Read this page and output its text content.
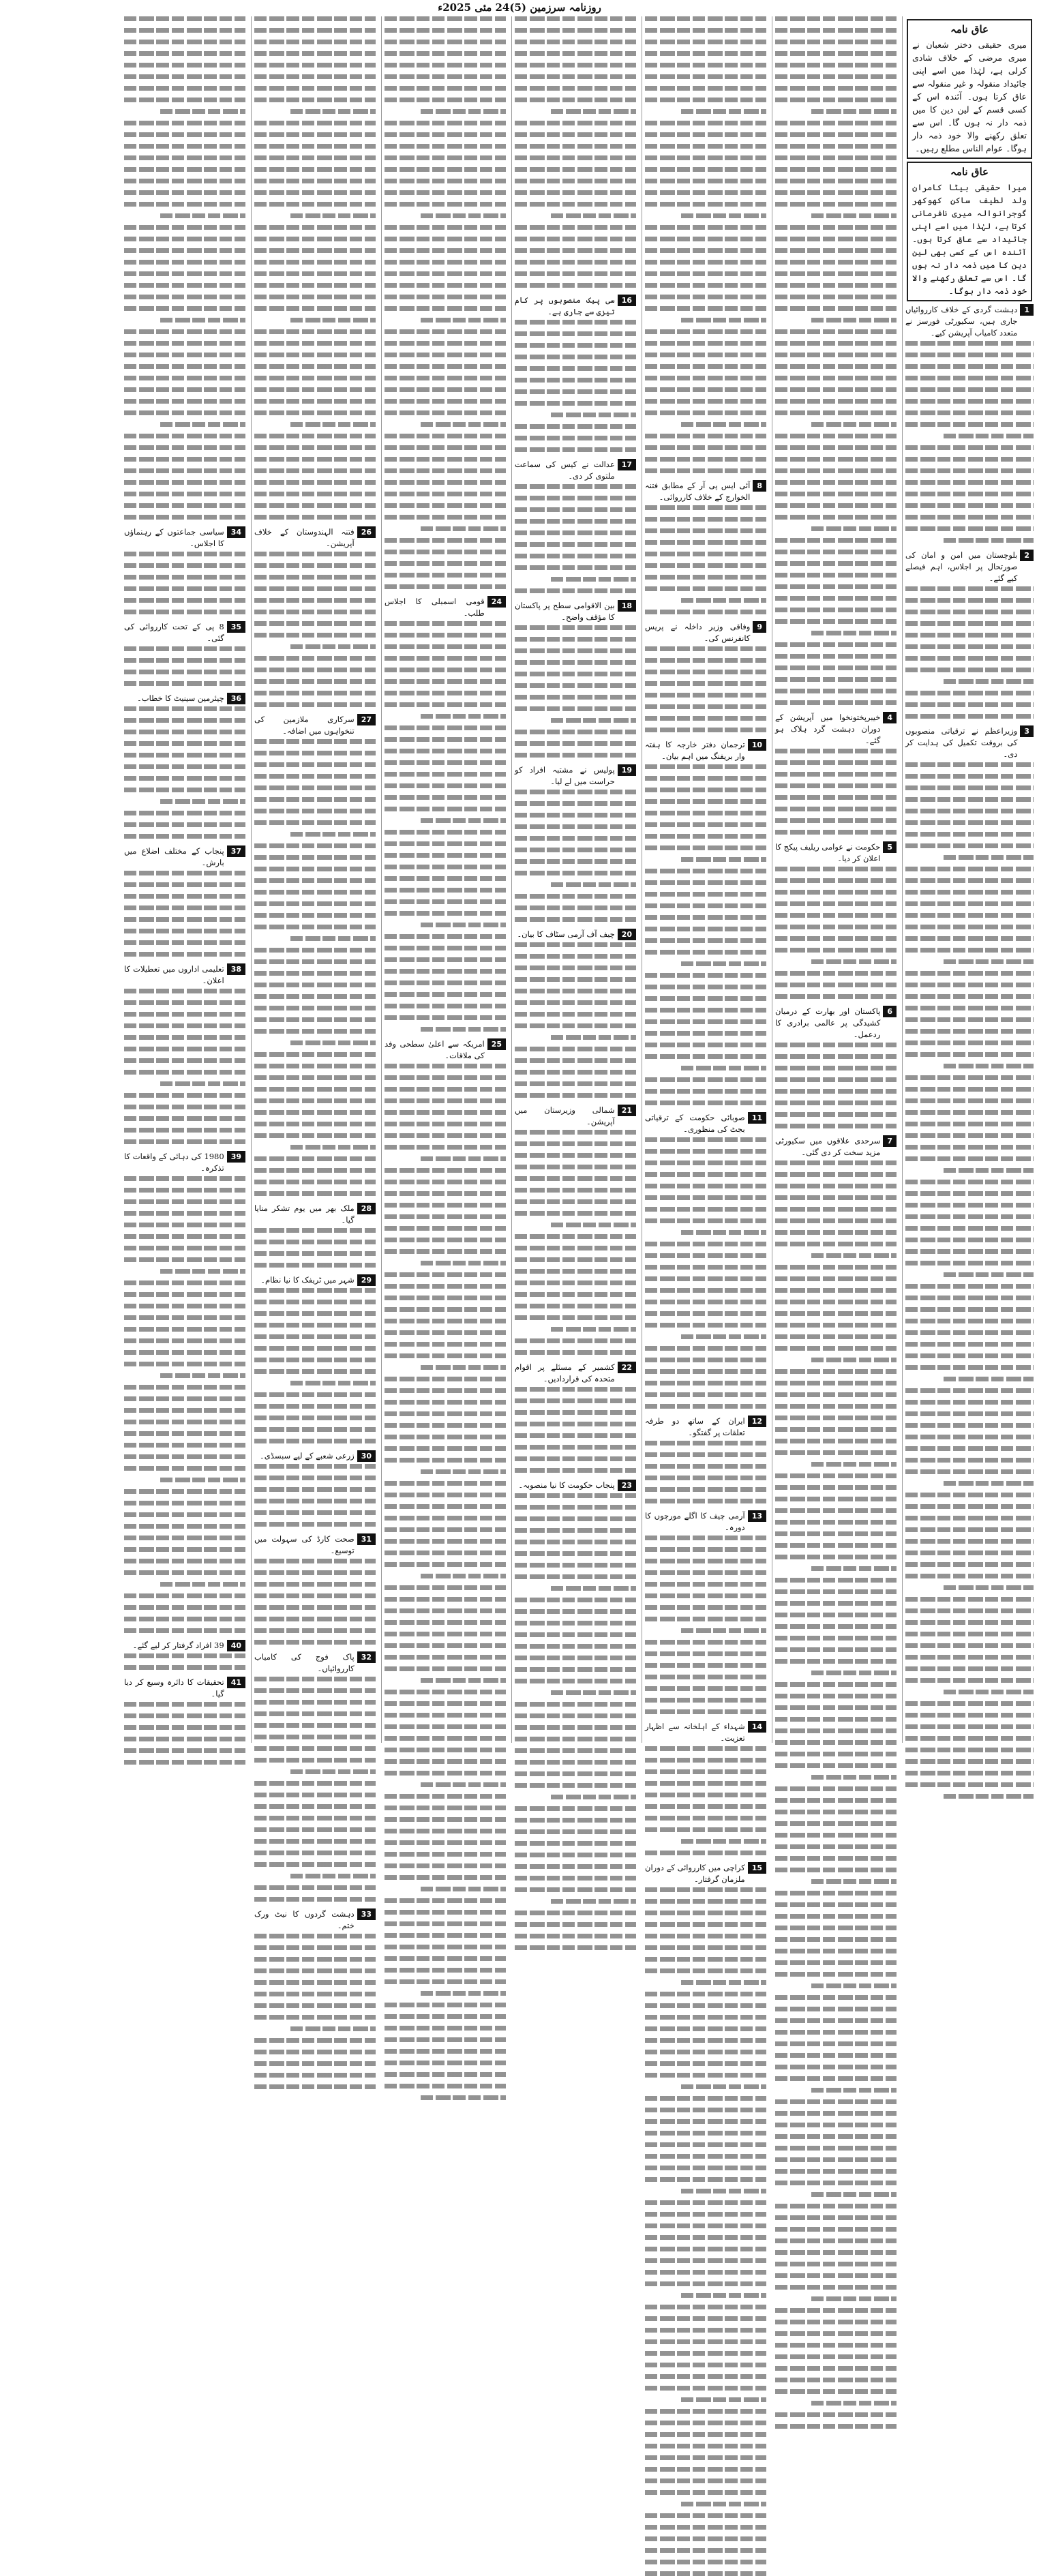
روزنامہ سرزمین (5)24 مئی 2025ء
عاق نامہ
میری حقیقی دختر شعبان نے میری مرضی کے خلاف شادی کرلی ہے، لہٰذا میں اسے اپنی جائیداد منقولہ و غیر منقولہ سے عاق کرتا ہوں۔ آئندہ اس کے کسی قسم کے لین دین کا میں ذمہ دار نہ ہوں گا۔ اس سے تعلق رکھنے والا خود ذمہ دار ہوگا۔ عوام الناس مطلع رہیں۔
عاق نامہ
میرا حقیقی بیٹا کامران ولد لطیف ساکن کھوکھر گوجرانوالہ میری نافرمانی کرتا ہے، لہٰذا میں اسے اپنی جائیداد سے عاق کرتا ہوں۔ آئندہ اس کے کسی بھی لین دین کا میں ذمہ دار نہ ہوں گا۔ اس سے تعلق رکھنے والا خود ذمہ دار ہوگا۔
1
دہشت گردی کے خلاف کارروائیاں جاری ہیں، سکیورٹی فورسز نے متعدد کامیاب آپریشن کیے۔
2
بلوچستان میں امن و امان کی صورتحال پر اجلاس، اہم فیصلے کیے گئے۔
3
وزیراعظم نے ترقیاتی منصوبوں کی بروقت تکمیل کی ہدایت کر دی۔
4
خیبرپختونخوا میں آپریشن کے دوران دہشت گرد ہلاک ہو گئے۔
5
حکومت نے عوامی ریلیف پیکج کا اعلان کر دیا۔
6
پاکستان اور بھارت کے درمیان کشیدگی پر عالمی برادری کا ردعمل۔
7
سرحدی علاقوں میں سکیورٹی مزید سخت کر دی گئی۔
8
آئی ایس پی آر کے مطابق فتنہ الخوارج کے خلاف کارروائی۔
9
وفاقی وزیر داخلہ نے پریس کانفرنس کی۔
10
ترجمان دفتر خارجہ کا ہفتہ وار بریفنگ میں اہم بیان۔
11
صوبائی حکومت کے ترقیاتی بجٹ کی منظوری۔
12
ایران کے ساتھ دو طرفہ تعلقات پر گفتگو۔
13
آرمی چیف کا اگلے مورچوں کا دورہ۔
14
شہداء کے اہلخانہ سے اظہار تعزیت۔
15
کراچی میں کارروائی کے دوران ملزمان گرفتار۔
16
سی پیک منصوبوں پر کام تیزی سے جاری ہے۔
17
عدالت نے کیس کی سماعت ملتوی کر دی۔
18
بین الاقوامی سطح پر پاکستان کا مؤقف واضح۔
19
پولیس نے مشتبہ افراد کو حراست میں لے لیا۔
20
چیف آف آرمی سٹاف کا بیان۔
21
شمالی وزیرستان میں آپریشن۔
22
کشمیر کے مسئلے پر اقوام متحدہ کی قراردادیں۔
23
پنجاب حکومت کا نیا منصوبہ۔
24
قومی اسمبلی کا اجلاس طلب۔
25
امریکہ سے اعلیٰ سطحی وفد کی ملاقات۔
26
فتنہ الہندوستان کے خلاف آپریشن۔
27
سرکاری ملازمین کی تنخواہوں میں اضافہ۔
28
ملک بھر میں یوم تشکر منایا گیا۔
29
شہر میں ٹریفک کا نیا نظام۔
30
زرعی شعبے کے لیے سبسڈی۔
31
صحت کارڈ کی سہولت میں توسیع۔
32
پاک فوج کی کامیاب کارروائیاں۔
33
دہشت گردوں کا نیٹ ورک ختم۔
34
سیاسی جماعتوں کے رہنماؤں کا اجلاس۔
35
8 پی کے تحت کارروائی کی گئی۔
36
چیئرمین سینیٹ کا خطاب۔
37
پنجاب کے مختلف اضلاع میں بارش۔
38
تعلیمی اداروں میں تعطیلات کا اعلان۔
39
1980 کی دہائی کے واقعات کا تذکرہ۔
40
39 افراد گرفتار کر لیے گئے۔
41
تحقیقات کا دائرہ وسیع کر دیا گیا۔
